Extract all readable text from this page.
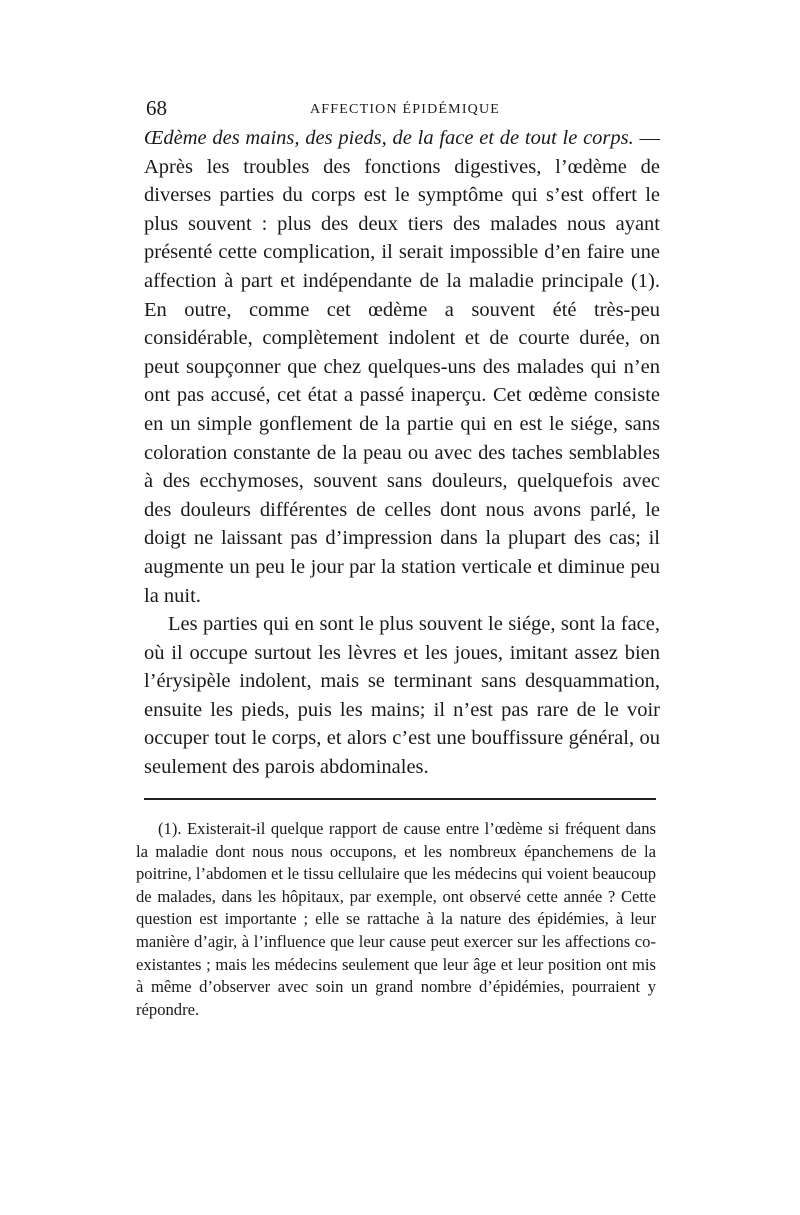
68	AFFECTION ÉPIDÉMIQUE

Œdème des mains, des pieds, de la face et de tout le corps. — Après les troubles des fonctions digestives, l’œdème de diverses parties du corps est le symptôme qui s’est offert le plus souvent : plus des deux tiers des malades nous ayant présenté cette complication, il serait impossible d’en faire une affection à part et indépendante de la maladie principale (1). En outre, comme cet œdème a souvent été très-peu considérable, complètement indolent et de courte durée, on peut soupçonner que chez quelques-uns des malades qui n’en ont pas accusé, cet état a passé inaperçu. Cet œdème consiste en un simple gonflement de la partie qui en est le siége, sans coloration constante de la peau ou avec des taches semblables à des ecchymoses, souvent sans douleurs, quelquefois avec des douleurs différentes de celles dont nous avons parlé, le doigt ne laissant pas d’impression dans la plupart des cas; il augmente un peu le jour par la station verticale et diminue peu la nuit.

Les parties qui en sont le plus souvent le siége, sont la face, où il occupe surtout les lèvres et les joues, imitant assez bien l’érysipèle indolent, mais se terminant sans desquammation, ensuite les pieds, puis les mains; il n’est pas rare de le voir occuper tout le corps, et alors c’est une bouffissure général, ou seulement des parois abdominales.

(1). Existerait-il quelque rapport de cause entre l’œdème si fréquent dans la maladie dont nous nous occupons, et les nombreux épanchemens de la poitrine, l’abdomen et le tissu cellulaire que les médecins qui voient beaucoup de malades, dans les hôpitaux, par exemple, ont observé cette année ? Cette question est importante ; elle se rattache à la nature des épidémies, à leur manière d’agir, à l’influence que leur cause peut exercer sur les affections co-existantes ; mais les médecins seulement que leur âge et leur position ont mis à même d’observer avec soin un grand nombre d’épidémies, pourraient y répondre.
